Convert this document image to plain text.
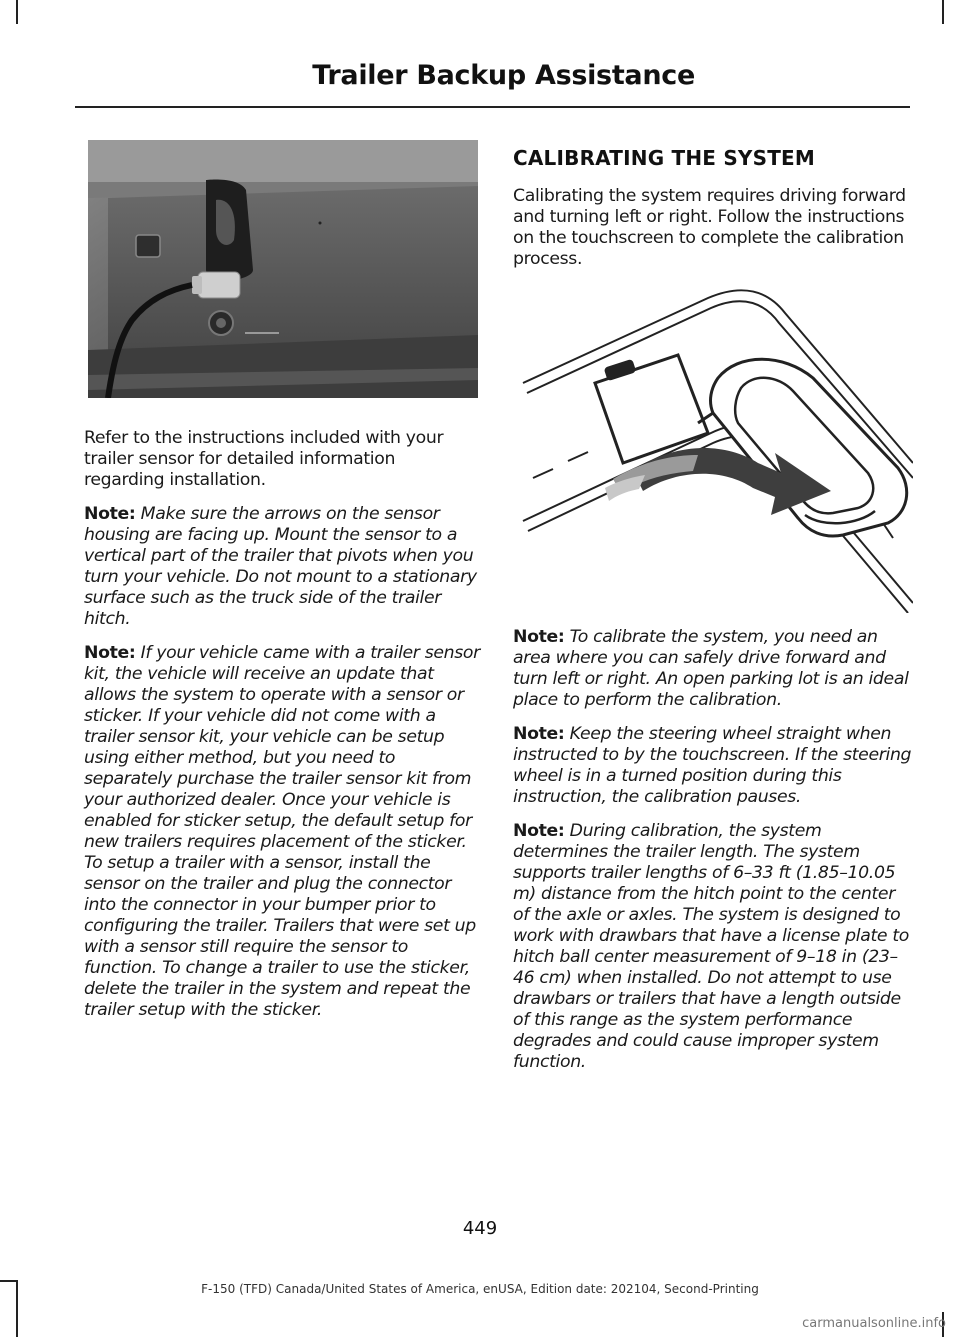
Trailer Backup Assistance

Refer to the instructions included with your trailer sensor for detailed information regarding installation.

Note: Make sure the arrows on the sensor housing are facing up. Mount the sensor to a vertical part of the trailer that pivots when you turn your vehicle. Do not mount to a stationary surface such as the truck side of the trailer hitch.

Note: If your vehicle came with a trailer sensor kit, the vehicle will receive an update that allows the system to operate with a sensor or sticker. If your vehicle did not come with a trailer sensor kit, your vehicle can be setup using either method, but you need to separately purchase the trailer sensor kit from your authorized dealer. Once your vehicle is enabled for sticker setup, the default setup for new trailers requires placement of the sticker. To setup a trailer with a sensor, install the sensor on the trailer and plug the connector into the connector in your bumper prior to configuring the trailer. Trailers that were set up with a sensor still require the sensor to function. To change a trailer to use the sticker, delete the trailer in the system and repeat the trailer setup with the sticker.

CALIBRATING THE SYSTEM

Calibrating the system requires driving forward and turning left or right. Follow the instructions on the touchscreen to complete the calibration process.

Note: To calibrate the system, you need an area where you can safely drive forward and turn left or right. An open parking lot is an ideal place to perform the calibration.

Note: Keep the steering wheel straight when instructed to by the touchscreen. If the steering wheel is in a turned position during this instruction, the calibration pauses.

Note: During calibration, the system determines the trailer length. The system supports trailer lengths of 6–33 ft (1.85–10.05 m) distance from the hitch point to the center of the axle or axles. The system is designed to work with drawbars that have a license plate to hitch ball center measurement of 9–18 in (23–46 cm) when installed. Do not attempt to use drawbars or trailers that have a length outside of this range as the system performance degrades and could cause improper system function.

449
F-150 (TFD) Canada/United States of America, enUSA, Edition date: 202104, Second-Printing
carmanualsonline.info
